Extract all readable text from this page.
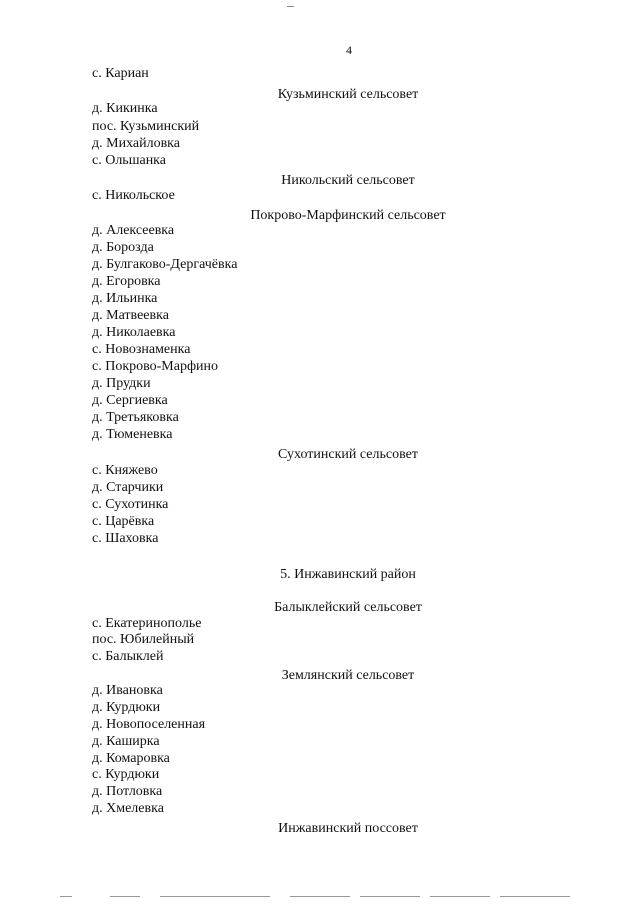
4
с. Кариан
Кузьминский сельсовет
д. Кикинка
пос. Кузьминский
д. Михайловка
с. Ольшанка
Никольский сельсовет
с. Никольское
Покрово-Марфинский сельсовет
д. Алексеевка
д. Борозда
д. Булгаково-Дергачёвка
д. Егоровка
д. Ильинка
д. Матвеевка
д. Николаевка
с. Новознаменка
с. Покрово-Марфино
д. Прудки
д. Сергиевка
д. Третьяковка
д. Тюменевка
Сухотинский сельсовет
с. Княжево
д. Старчики
с. Сухотинка
с. Царёвка
с. Шаховка
5. Инжавинский район
Балыклейский сельсовет
с. Екатеринополье
пос. Юбилейный
с. Балыклей
Землянский сельсовет
д. Ивановка
д. Курдюки
д. Новопоселенная
д. Каширка
д. Комаровка
с. Курдюки
д. Потловка
д. Хмелевка
Инжавинский поссовет
